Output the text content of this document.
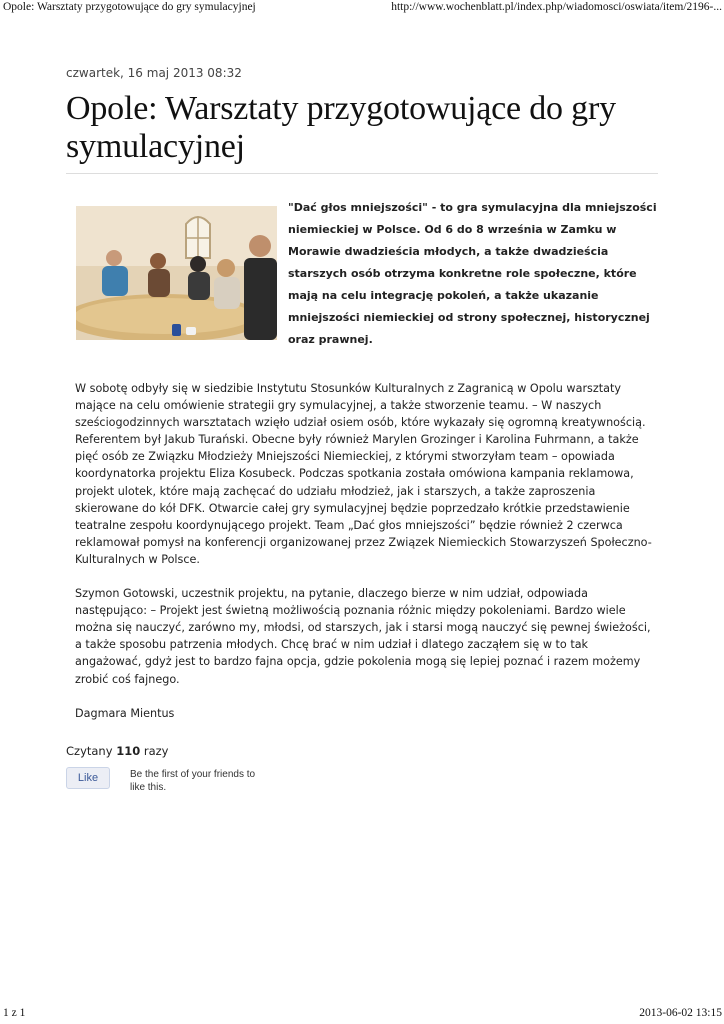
Opole: Warsztaty przygotowujące do gry symulacyjnej	http://www.wochenblatt.pl/index.php/wiadomosci/oswiata/item/2196-...

czwartek, 16 maj 2013 08:32

Opole: Warsztaty przygotowujące do gry symulacyjnej

"Dać głos mniejszości" - to gra symulacyjna dla mniejszości niemieckiej w Polsce. Od 6 do 8 września w Zamku w Morawie dwadzieścia młodych, a także dwadzieścia starszych osób otrzyma konkretne role społeczne, które mają na celu integrację pokoleń, a także ukazanie mniejszości niemieckiej od strony społecznej, historycznej oraz prawnej.

W sobotę odbyły się w siedzibie Instytutu Stosunków Kulturalnych z Zagranicą w Opolu warsztaty mające na celu omówienie strategii gry symulacyjnej, a także stworzenie teamu. – W naszych sześciogodzinnych warsztatach wzięło udział osiem osób, które wykazały się ogromną kreatywnością. Referentem był Jakub Turański. Obecne były również Marylen Grozinger i Karolina Fuhrmann, a także pięć osób ze Związku Młodzieży Mniejszości Niemieckiej, z którymi stworzyłam team – opowiada koordynatorka projektu Eliza Kosubeck. Podczas spotkania została omówiona kampania reklamowa, projekt ulotek, które mają zachęcać do udziału młodzież, jak i starszych, a także zaproszenia skierowane do kół DFK. Otwarcie całej gry symulacyjnej będzie poprzedzało krótkie przedstawienie teatralne zespołu koordynującego projekt. Team „Dać głos mniejszości” będzie również 2 czerwca reklamował pomysł na konferencji organizowanej przez Związek Niemieckich Stowarzyszeń Społeczno-Kulturalnych w Polsce.

Szymon Gotowski, uczestnik projektu, na pytanie, dlaczego bierze w nim udział, odpowiada następująco: – Projekt jest świetną możliwością poznania różnic między pokoleniami. Bardzo wiele można się nauczyć, zarówno my, młodsi, od starszych, jak i starsi mogą nauczyć się pewnej świeżości, a także sposobu patrzenia młodych. Chcę brać w nim udział i dlatego zacząłem się w to tak angażować, gdyż jest to bardzo fajna opcja, gdzie pokolenia mogą się lepiej poznać i razem możemy zrobić coś fajnego.

Dagmara Mientus

Czytany 110 razy
Like	Be the first of your friends to like this.
1 z 1	2013-06-02 13:15
